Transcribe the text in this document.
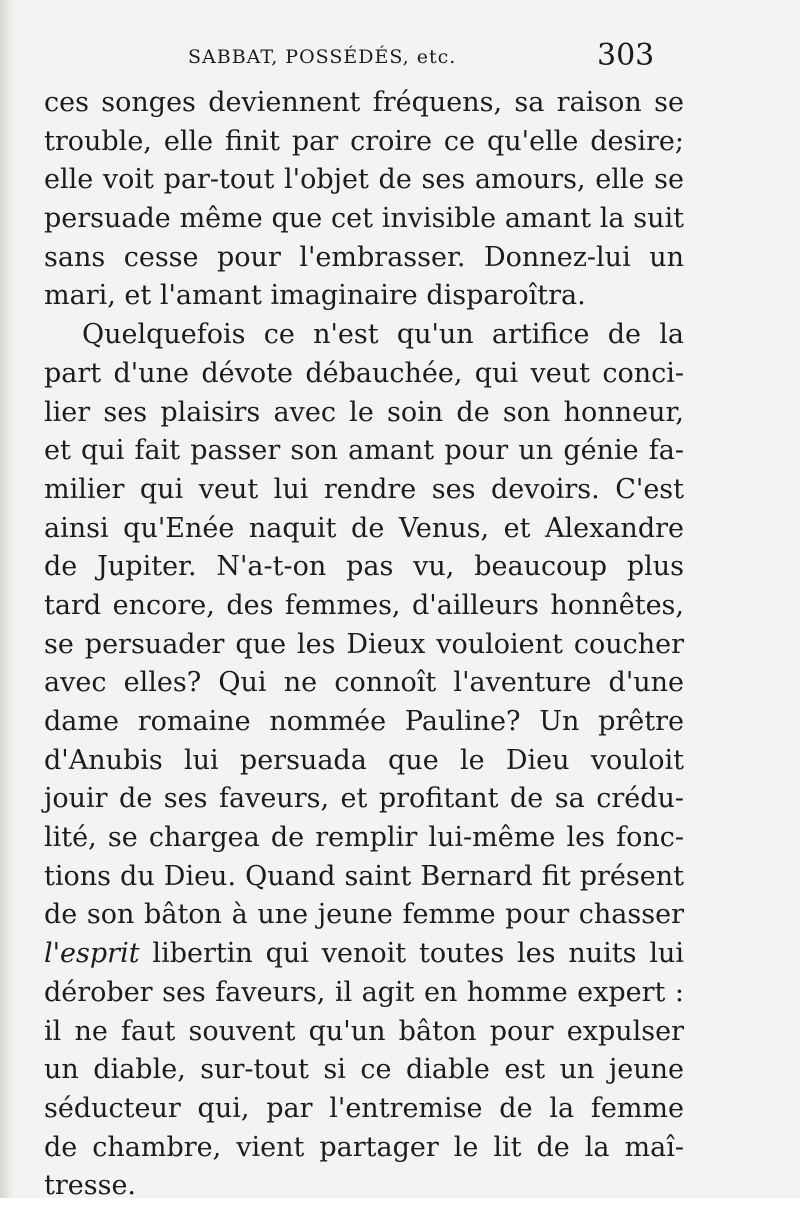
SABBAT, POSSÉDÉS, etc.	303
ces songes deviennent fréquens, sa raison se
trouble, elle finit par croire ce qu'elle desire;
elle voit par-tout l'objet de ses amours, elle se
persuade même que cet invisible amant la suit
sans cesse pour l'embrasser. Donnez-lui un
mari, et l'amant imaginaire disparoîtra.
Quelquefois ce n'est qu'un artifice de la
part d'une dévote débauchée, qui veut conci-
lier ses plaisirs avec le soin de son honneur,
et qui fait passer son amant pour un génie fa-
milier qui veut lui rendre ses devoirs. C'est
ainsi qu'Enée naquit de Venus, et Alexandre
de Jupiter. N'a-t-on pas vu, beaucoup plus
tard encore, des femmes, d'ailleurs honnêtes,
se persuader que les Dieux vouloient coucher
avec elles? Qui ne connoît l'aventure d'une
dame romaine nommée Pauline? Un prêtre
d'Anubis lui persuada que le Dieu vouloit
jouir de ses faveurs, et profitant de sa crédu-
lité, se chargea de remplir lui-même les fonc-
tions du Dieu. Quand saint Bernard fit présent
de son bâton à une jeune femme pour chasser
l'esprit libertin qui venoit toutes les nuits lui
dérober ses faveurs, il agit en homme expert :
il ne faut souvent qu'un bâton pour expulser
un diable, sur-tout si ce diable est un jeune
séducteur qui, par l'entremise de la femme
de chambre, vient partager le lit de la maî-
tresse.
